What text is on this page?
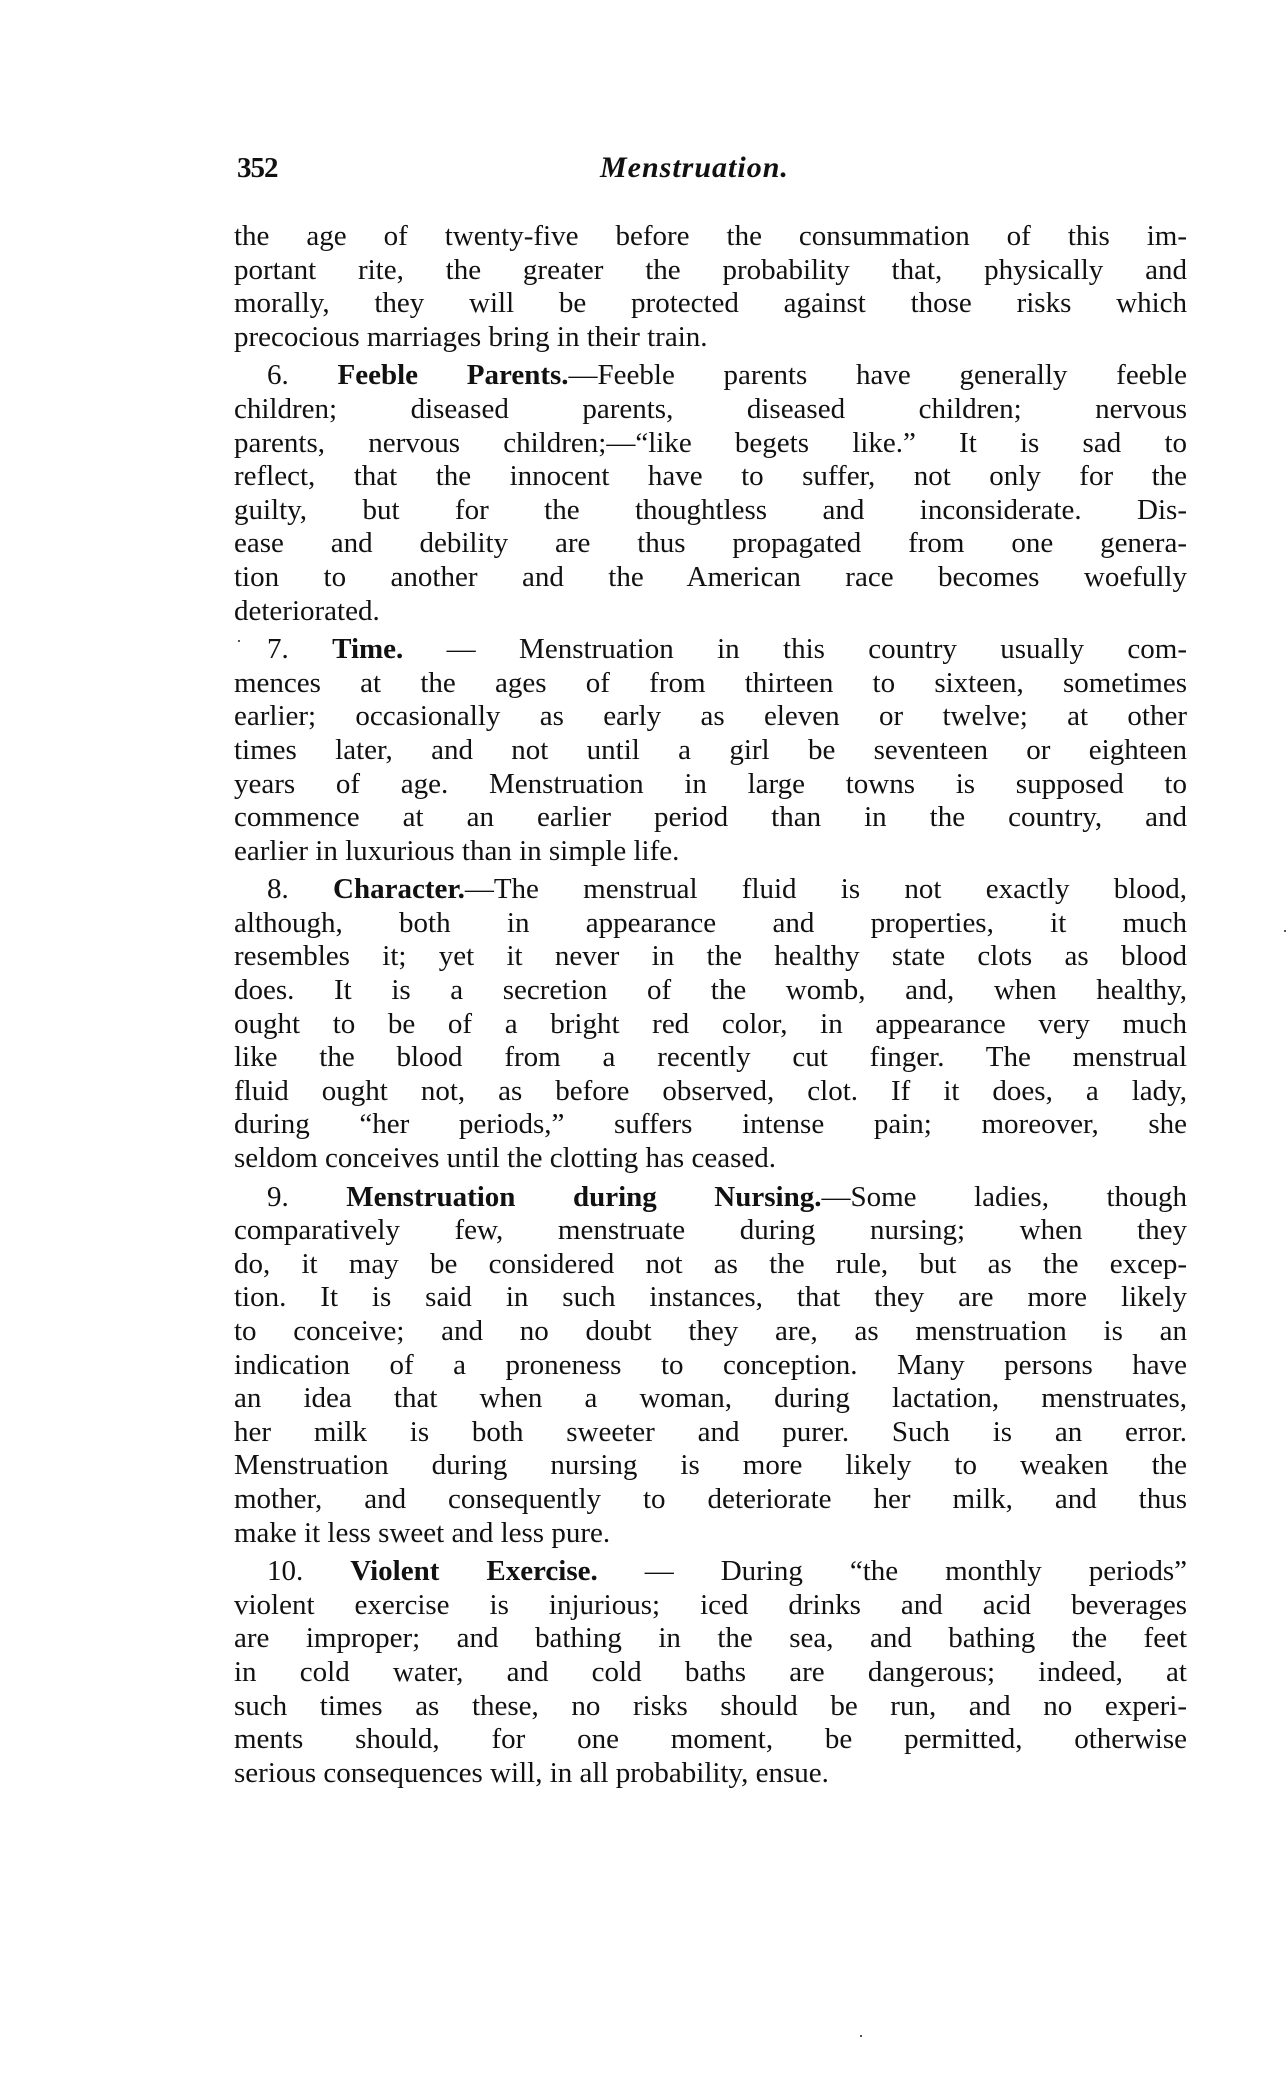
352	Menstruation.
the age of twenty-five before the consummation of this im-
portant rite, the greater the probability that, physically and
morally, they will be protected against those risks which
precocious marriages bring in their train.
6. Feeble Parents.—Feeble parents have generally feeble
children; diseased parents, diseased children; nervous
parents, nervous children;—“like begets like.” It is sad to
reflect, that the innocent have to suffer, not only for the
guilty, but for the thoughtless and inconsiderate. Dis-
ease and debility are thus propagated from one genera-
tion to another and the American race becomes woefully
deteriorated.
7. Time. — Menstruation in this country usually com-
mences at the ages of from thirteen to sixteen, sometimes
earlier; occasionally as early as eleven or twelve; at other
times later, and not until a girl be seventeen or eighteen
years of age. Menstruation in large towns is supposed to
commence at an earlier period than in the country, and
earlier in luxurious than in simple life.
8. Character.—The menstrual fluid is not exactly blood,
although, both in appearance and properties, it much
resembles it; yet it never in the healthy state clots as blood
does. It is a secretion of the womb, and, when healthy,
ought to be of a bright red color, in appearance very much
like the blood from a recently cut finger. The menstrual
fluid ought not, as before observed, clot. If it does, a lady,
during “her periods,” suffers intense pain; moreover, she
seldom conceives until the clotting has ceased.
9. Menstruation during Nursing.—Some ladies, though
comparatively few, menstruate during nursing; when they
do, it may be considered not as the rule, but as the excep-
tion. It is said in such instances, that they are more likely
to conceive; and no doubt they are, as menstruation is an
indication of a proneness to conception. Many persons have
an idea that when a woman, during lactation, menstruates,
her milk is both sweeter and purer. Such is an error.
Menstruation during nursing is more likely to weaken the
mother, and consequently to deteriorate her milk, and thus
make it less sweet and less pure.
10. Violent Exercise. — During “the monthly periods”
violent exercise is injurious; iced drinks and acid beverages
are improper; and bathing in the sea, and bathing the feet
in cold water, and cold baths are dangerous; indeed, at
such times as these, no risks should be run, and no experi-
ments should, for one moment, be permitted, otherwise
serious consequences will, in all probability, ensue.
